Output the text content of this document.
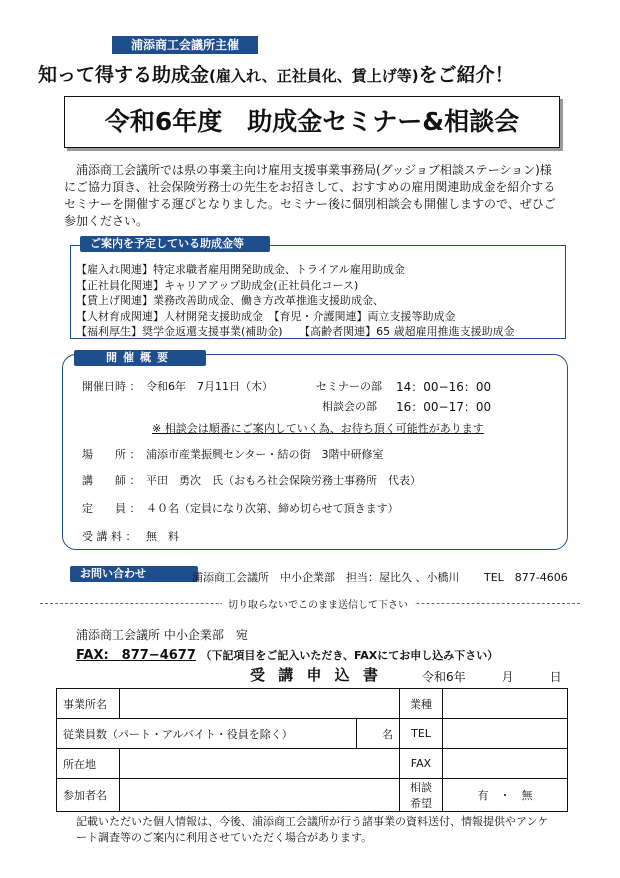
浦添商工会議所主催
知って得する助成金(雇入れ、正社員化、賃上げ等)をご紹介！
令和6年度　助成金セミナー&相談会
浦添商工会議所では県の事業主向け雇用支援事業事務局(グッジョブ相談ステーション)様にご協力頂き、社会保険労務士の先生をお招きして、おすすめの雇用関連助成金を紹介するセミナーを開催する運びとなりました。セミナー後に個別相談会も開催しますので、ぜひご参加ください。
ご案内を予定している助成金等
【雇入れ関連】特定求職者雇用開発助成金、トライアル雇用助成金
【正社員化関連】キャリアアップ助成金(正社員化コース)
【賃上げ関連】業務改善助成金、働き方改革推進支援助成金、
【人材育成関連】人材開発支援助成金　【育児・介護関連】両立支援等助成金
【福利厚生】奨学金返還支援事業(補助金)　　【高齢者関連】65 歳超雇用推進支援助成金
開催概要
開催日時 ： 令和6年　7月11日（木）	セミナーの部 14：00−16：00
相談会の部 16：00−17：00
※ 相談会は順番にご案内していく為、お待ち頂く可能性があります
場　　所 ： 浦添市産業振興センター・結の街　3階中研修室
講　　師 ： 平田　勇次　氏（おもろ社会保険労務士事務所　代表）
定　　員 ： ４０名（定員になり次第、締め切らせて頂きます）
受 講 料 ： 無　料
お問い合わせ	浦添商工会議所　中小企業部　担当：屋比久 、小橋川 TEL　877-4606
切り取らないでこのまま送信して下さい
浦添商工会議所 中小企業部　宛
FAX:　877−4677 （下記項目をご記入いただき、FAXにてお申し込み下さい）
受 講 申 込 書	令和6年　　　月　　　日
事業所名			業種	
従業員数（パート・アルバイト・役員を除く）		名	TEL	
所在地			FAX	
参加者名			相談希望	有　・　無
記載いただいた個人情報は、今後、浦添商工会議所が行う諸事業の資料送付、情報提供やアンケート調査等のご案内に利用させていただく場合があります。
